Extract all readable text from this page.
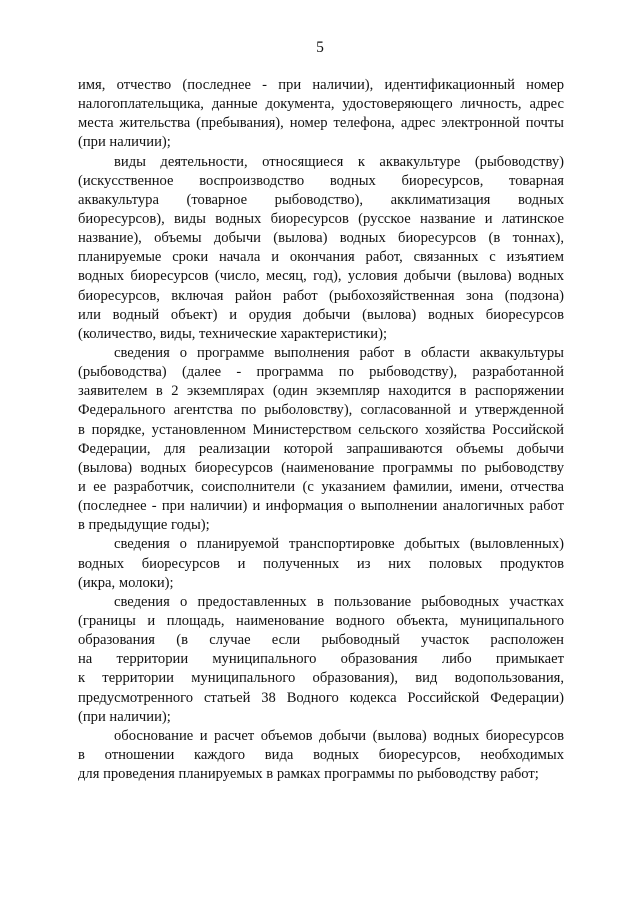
5
имя, отчество (последнее - при наличии), идентификационный номер
налогоплательщика, данные документа, удостоверяющего личность, адрес
места жительства (пребывания), номер телефона, адрес электронной почты
(при наличии);
виды деятельности, относящиеся к аквакультуре (рыбоводству)
(искусственное воспроизводство водных биоресурсов, товарная
аквакультура (товарное рыбоводство), акклиматизация водных
биоресурсов), виды водных биоресурсов (русское название и латинское
название), объемы добычи (вылова) водных биоресурсов (в тоннах),
планируемые сроки начала и окончания работ, связанных с изъятием
водных биоресурсов (число, месяц, год), условия добычи (вылова) водных
биоресурсов, включая район работ (рыбохозяйственная зона (подзона)
или водный объект) и орудия добычи (вылова) водных биоресурсов
(количество, виды, технические характеристики);
сведения о программе выполнения работ в области аквакультуры
(рыбоводства) (далее - программа по рыбоводству), разработанной
заявителем в 2 экземплярах (один экземпляр находится в распоряжении
Федерального агентства по рыболовству), согласованной и утвержденной
в порядке, установленном Министерством сельского хозяйства Российской
Федерации, для реализации которой запрашиваются объемы добычи
(вылова) водных биоресурсов (наименование программы по рыбоводству
и ее разработчик, соисполнители (с указанием фамилии, имени, отчества
(последнее - при наличии) и информация о выполнении аналогичных работ
в предыдущие годы);
сведения о планируемой транспортировке добытых (выловленных)
водных биоресурсов и полученных из них половых продуктов
(икра, молоки);
сведения о предоставленных в пользование рыбоводных участках
(границы и площадь, наименование водного объекта, муниципального
образования (в случае если рыбоводный участок расположен
на территории муниципального образования либо примыкает
к территории муниципального образования), вид водопользования,
предусмотренного статьей 38 Водного кодекса Российской Федерации)
(при наличии);
обоснование и расчет объемов добычи (вылова) водных биоресурсов
в отношении каждого вида водных биоресурсов, необходимых
для проведения планируемых в рамках программы по рыбоводству работ;
